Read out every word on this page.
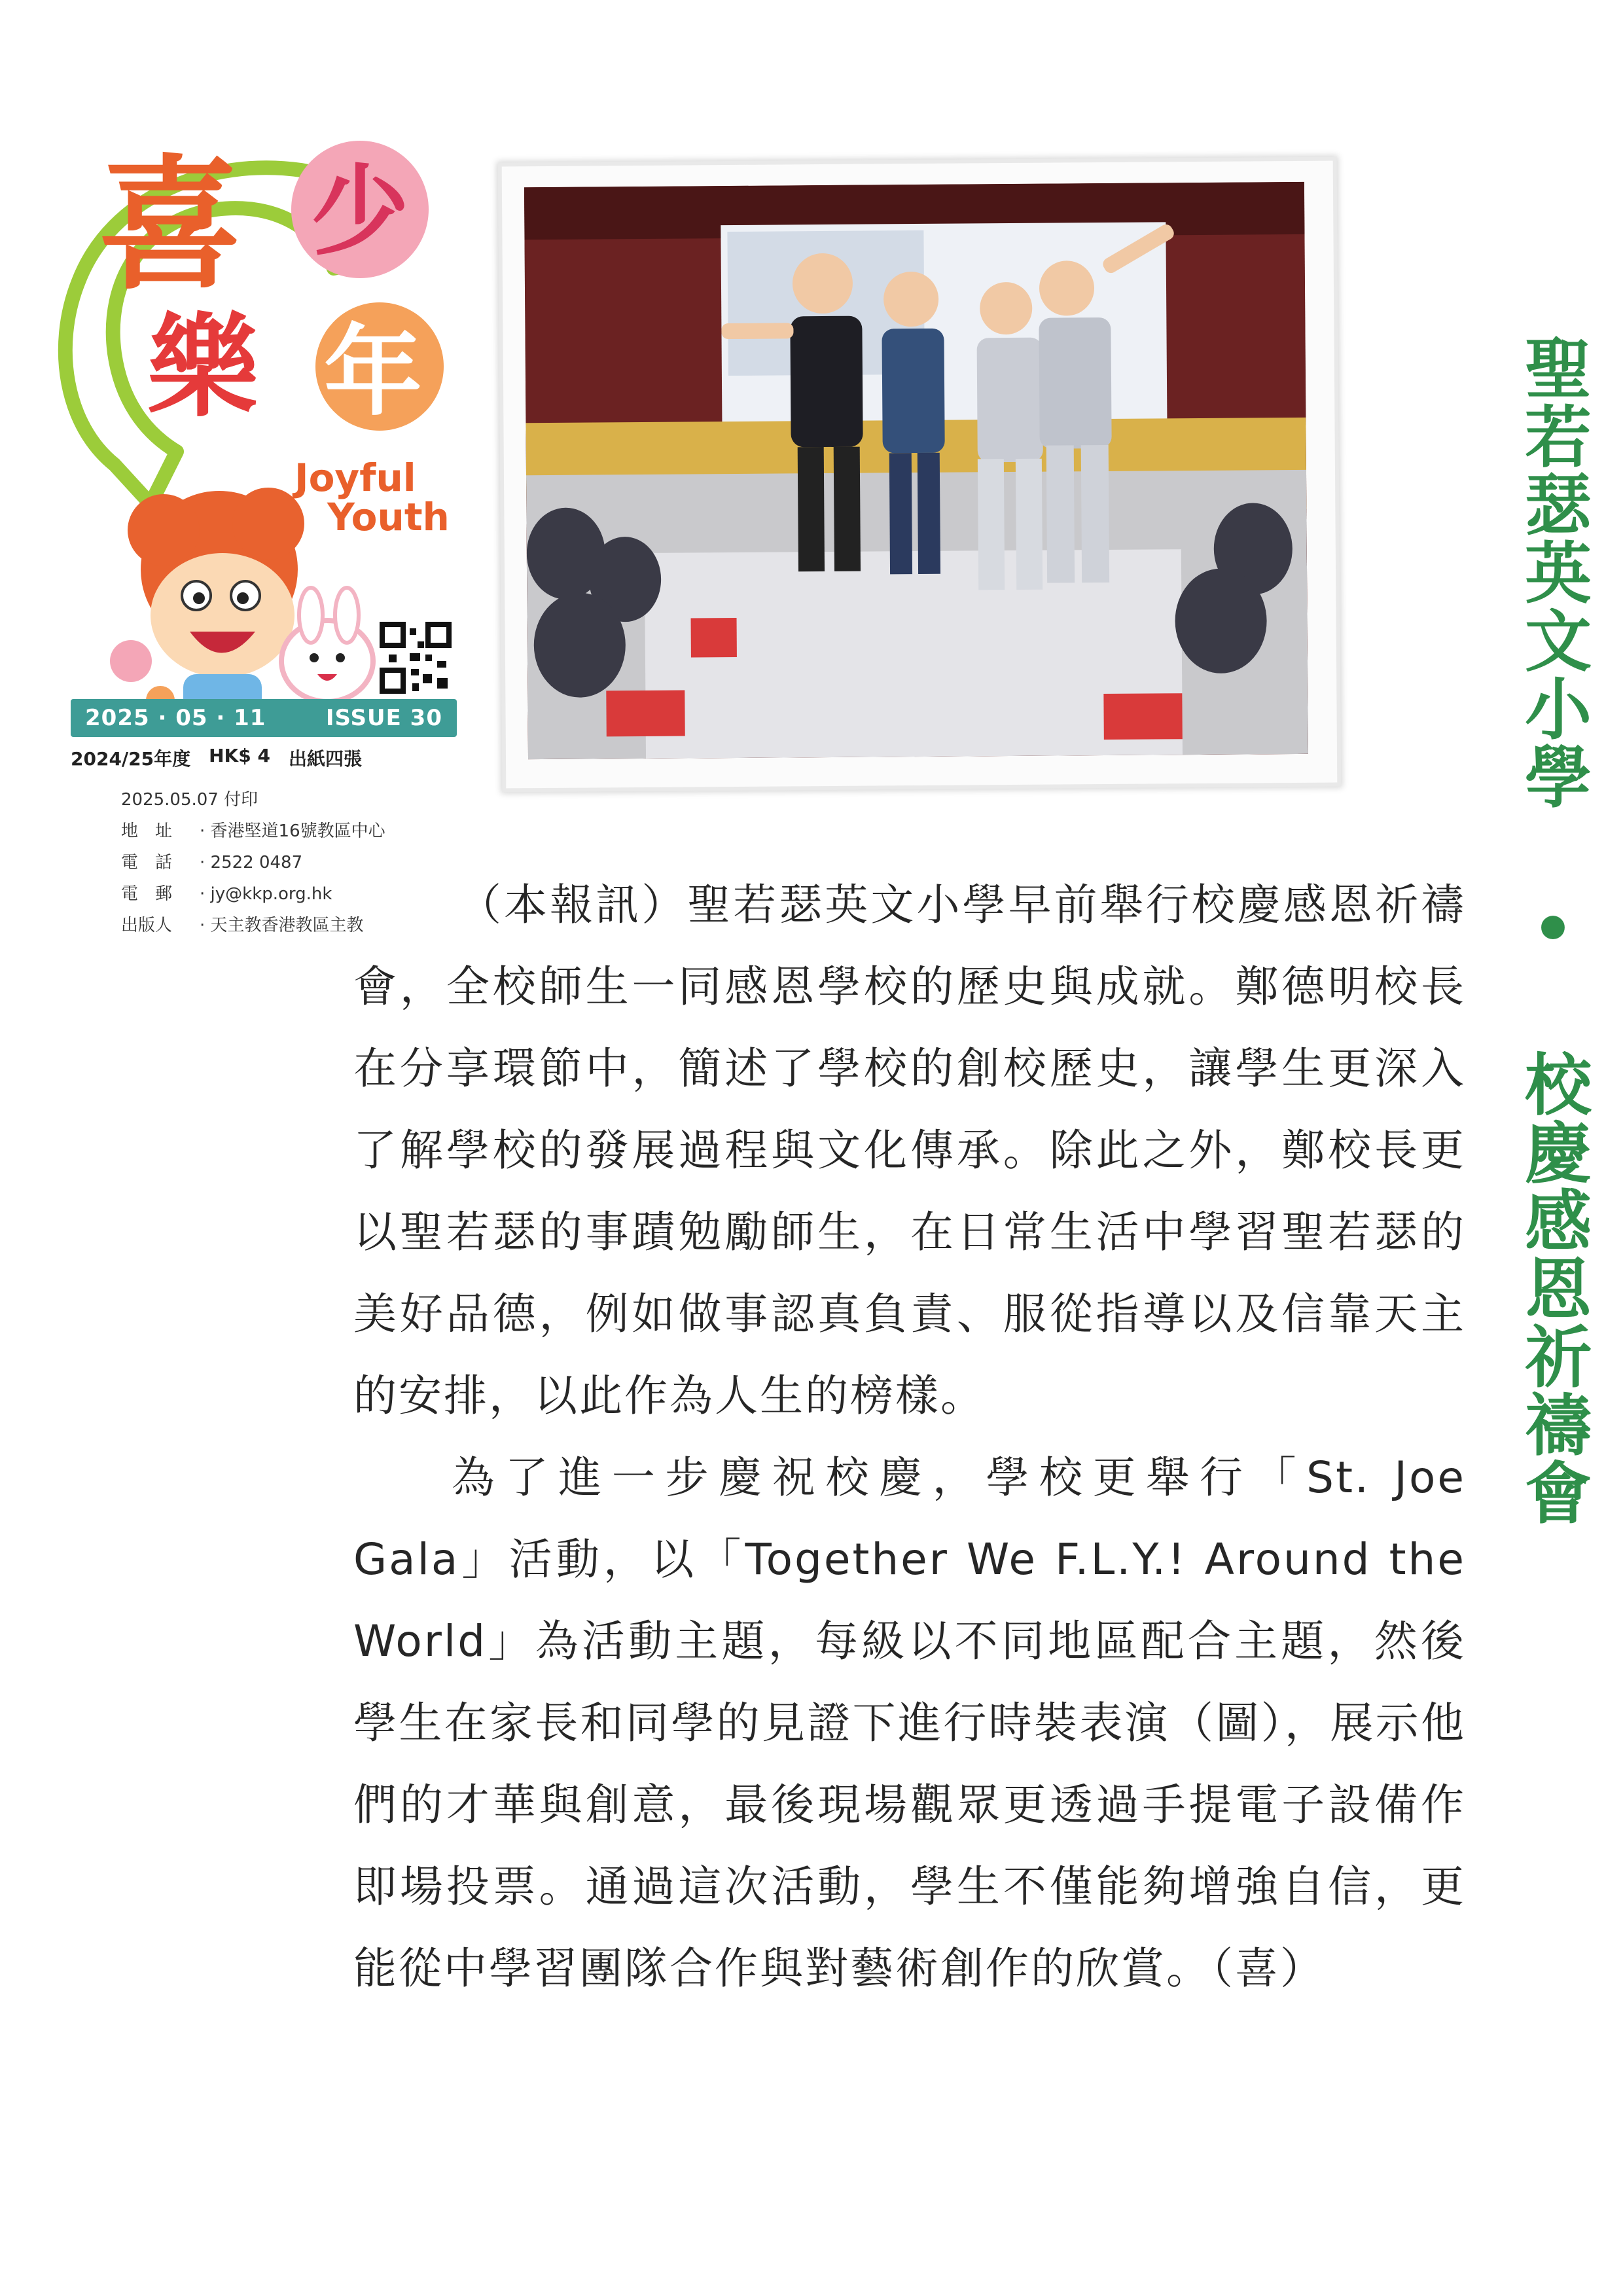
喜 少
樂 年
Joyful
Youth
2025 · 05 · 11	ISSUE 30
2024/25年度 HK$ 4 出紙四張
2025.05.07 付印
地　址	· 香港堅道16號教區中心
電　話	· 2522 0487
電　郵	· jy@kkp.org.hk
出版人	· 天主教香港教區主教	聖若瑟英文小學 • 校慶感恩祈禱會

（本報訊）聖若瑟英文小學早前舉行校慶感恩祈禱會，全校師生一同感恩學校的歷史與成就。鄭德明校長在分享環節中，簡述了學校的創校歷史，讓學生更深入了解學校的發展過程與文化傳承。除此之外，鄭校長更以聖若瑟的事蹟勉勵師生，在日常生活中學習聖若瑟的美好品德，例如做事認真負責、服從指導以及信靠天主的安排，以此作為人生的榜樣。

為了進一步慶祝校慶，學校更舉行「St. Joe Gala」活動，以「Together We F.L.Y.! Around the World」為活動主題，每級以不同地區配合主題，然後學生在家長和同學的見證下進行時裝表演（圖），展示他們的才華與創意，最後現場觀眾更透過手提電子設備作即場投票。通過這次活動，學生不僅能夠增強自信，更能從中學習團隊合作與對藝術創作的欣賞。（喜）
